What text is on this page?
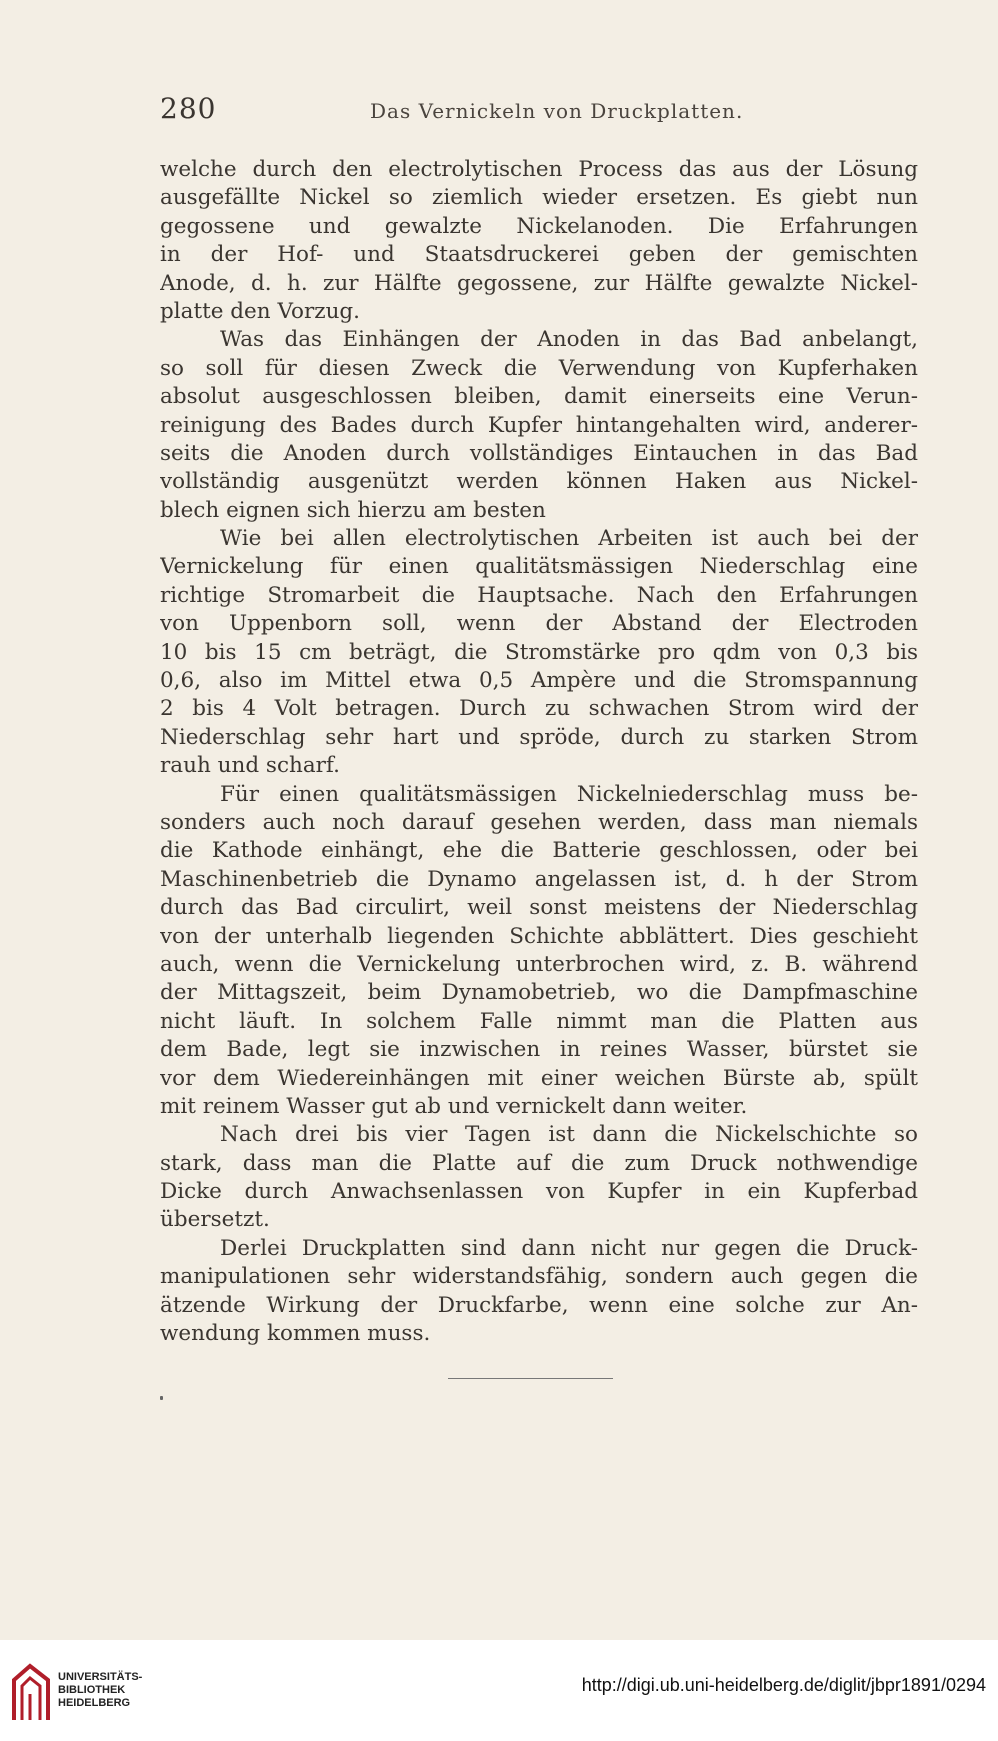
280	Das Vernickeln von Druckplatten.
welche durch den electrolytischen Process das aus der Lösung
ausgefällte Nickel so ziemlich wieder ersetzen. Es giebt nun
gegossene und gewalzte Nickelanoden. Die Erfahrungen
in der Hof- und Staatsdruckerei geben der gemischten
Anode, d. h. zur Hälfte gegossene, zur Hälfte gewalzte Nickel-
platte den Vorzug.
Was das Einhängen der Anoden in das Bad anbelangt,
so soll für diesen Zweck die Verwendung von Kupferhaken
absolut ausgeschlossen bleiben, damit einerseits eine Verun-
reinigung des Bades durch Kupfer hintangehalten wird, anderer-
seits die Anoden durch vollständiges Eintauchen in das Bad
vollständig ausgenützt werden können Haken aus Nickel-
blech eignen sich hierzu am besten
Wie bei allen electrolytischen Arbeiten ist auch bei der
Vernickelung für einen qualitätsmässigen Niederschlag eine
richtige Stromarbeit die Hauptsache. Nach den Erfahrungen
von Uppenborn soll, wenn der Abstand der Electroden
10 bis 15 cm beträgt, die Stromstärke pro qdm von 0,3 bis
0,6, also im Mittel etwa 0,5 Ampère und die Stromspannung
2 bis 4 Volt betragen. Durch zu schwachen Strom wird der
Niederschlag sehr hart und spröde, durch zu starken Strom
rauh und scharf.
Für einen qualitätsmässigen Nickelniederschlag muss be-
sonders auch noch darauf gesehen werden, dass man niemals
die Kathode einhängt, ehe die Batterie geschlossen, oder bei
Maschinenbetrieb die Dynamo angelassen ist, d. h der Strom
durch das Bad circulirt, weil sonst meistens der Niederschlag
von der unterhalb liegenden Schichte abblättert. Dies geschieht
auch, wenn die Vernickelung unterbrochen wird, z. B. während
der Mittagszeit, beim Dynamobetrieb, wo die Dampfmaschine
nicht läuft. In solchem Falle nimmt man die Platten aus
dem Bade, legt sie inzwischen in reines Wasser, bürstet sie
vor dem Wiedereinhängen mit einer weichen Bürste ab, spült
mit reinem Wasser gut ab und vernickelt dann weiter.
Nach drei bis vier Tagen ist dann die Nickelschichte so
stark, dass man die Platte auf die zum Druck nothwendige
Dicke durch Anwachsenlassen von Kupfer in ein Kupferbad
übersetzt.
Derlei Druckplatten sind dann nicht nur gegen die Druck-
manipulationen sehr widerstandsfähig, sondern auch gegen die
ätzende Wirkung der Druckfarbe, wenn eine solche zur An-
wendung kommen muss.
UNIVERSITÄTS-
BIBLIOTHEK
HEIDELBERG
http://digi.ub.uni-heidelberg.de/diglit/jbpr1891/0294
